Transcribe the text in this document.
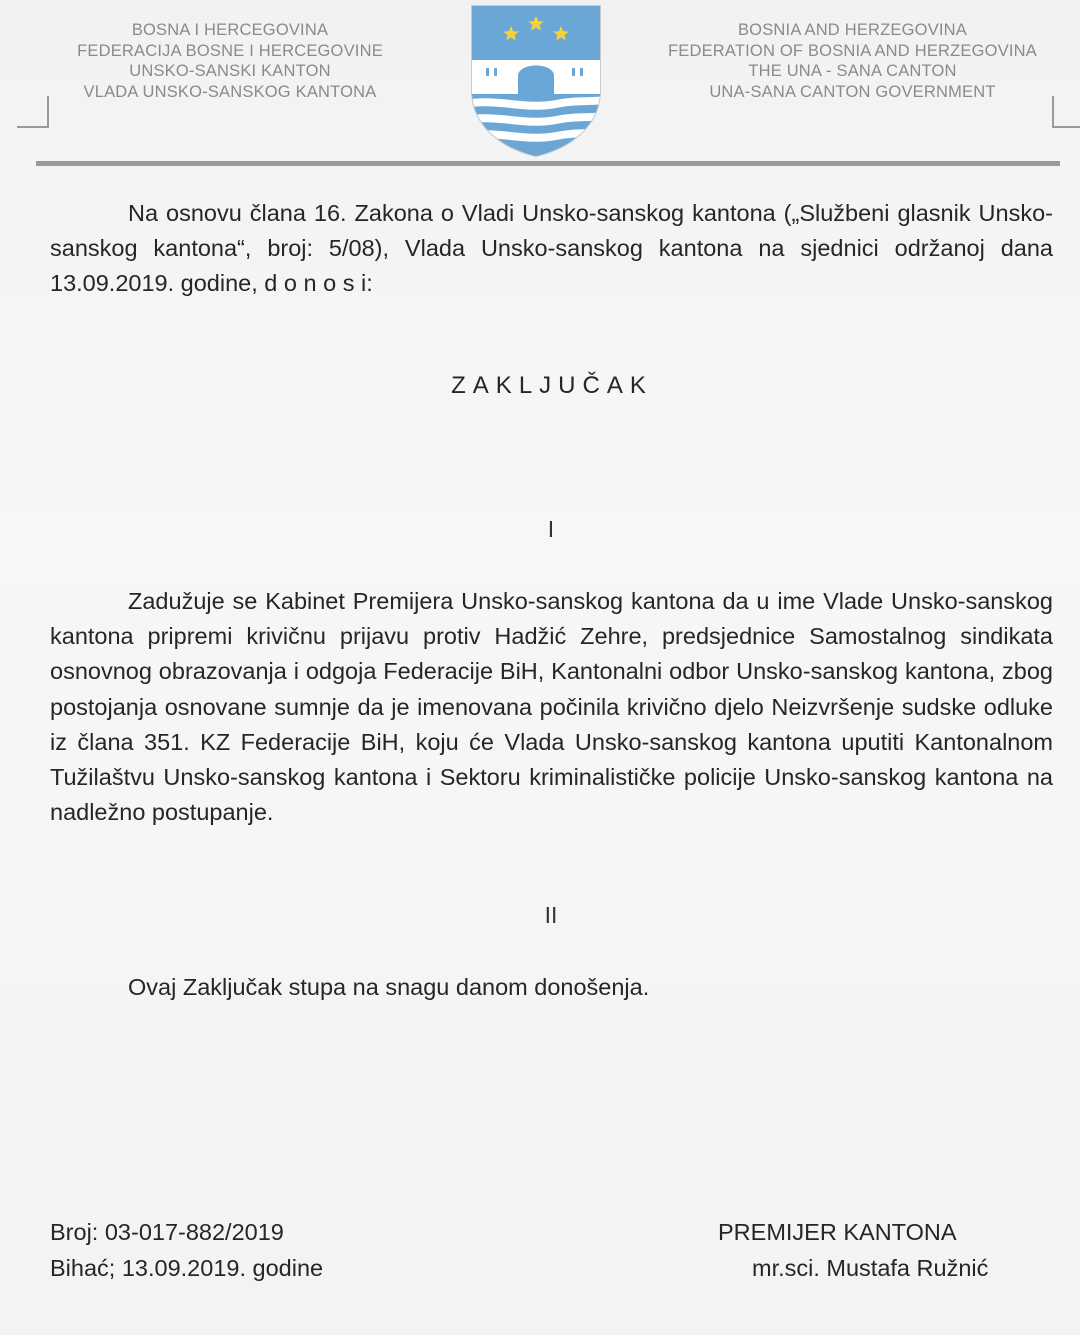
BOSNA I HERCEGOVINA
FEDERACIJA BOSNE I HERCEGOVINE
UNSKO-SANSKI KANTON
VLADA UNSKO-SANSKOG KANTONA
BOSNIA AND HERZEGOVINA
FEDERATION OF BOSNIA AND HERZEGOVINA
THE UNA - SANA CANTON
UNA-SANA CANTON GOVERNMENT

Na osnovu člana 16. Zakona o Vladi Unsko-sanskog kantona („Službeni glasnik Unsko-sanskog kantona“, broj: 5/08), Vlada Unsko-sanskog kantona na sjednici održanoj dana 13.09.2019. godine, d o n o s i:

ZAKLJUČAK
I

Zadužuje se Kabinet Premijera Unsko-sanskog kantona da u ime Vlade Unsko-sanskog kantona pripremi krivičnu prijavu protiv Hadžić Zehre, predsjednice Samostalnog sindikata osnovnog obrazovanja i odgoja Federacije BiH, Kantonalni odbor Unsko-sanskog kantona, zbog postojanja osnovane sumnje da je imenovana počinila krivično djelo Neizvršenje sudske odluke iz člana 351. KZ Federacije BiH, koju će Vlada Unsko-sanskog kantona uputiti Kantonalnom Tužilaštvu Unsko-sanskog kantona i Sektoru kriminalističke policije Unsko-sanskog kantona na nadležno postupanje.

II

Ovaj Zaključak stupa na snagu danom donošenja.

Broj: 03-017-882/2019
Bihać; 13.09.2019. godine
PREMIJER KANTONA
mr.sci. Mustafa Ružnić
